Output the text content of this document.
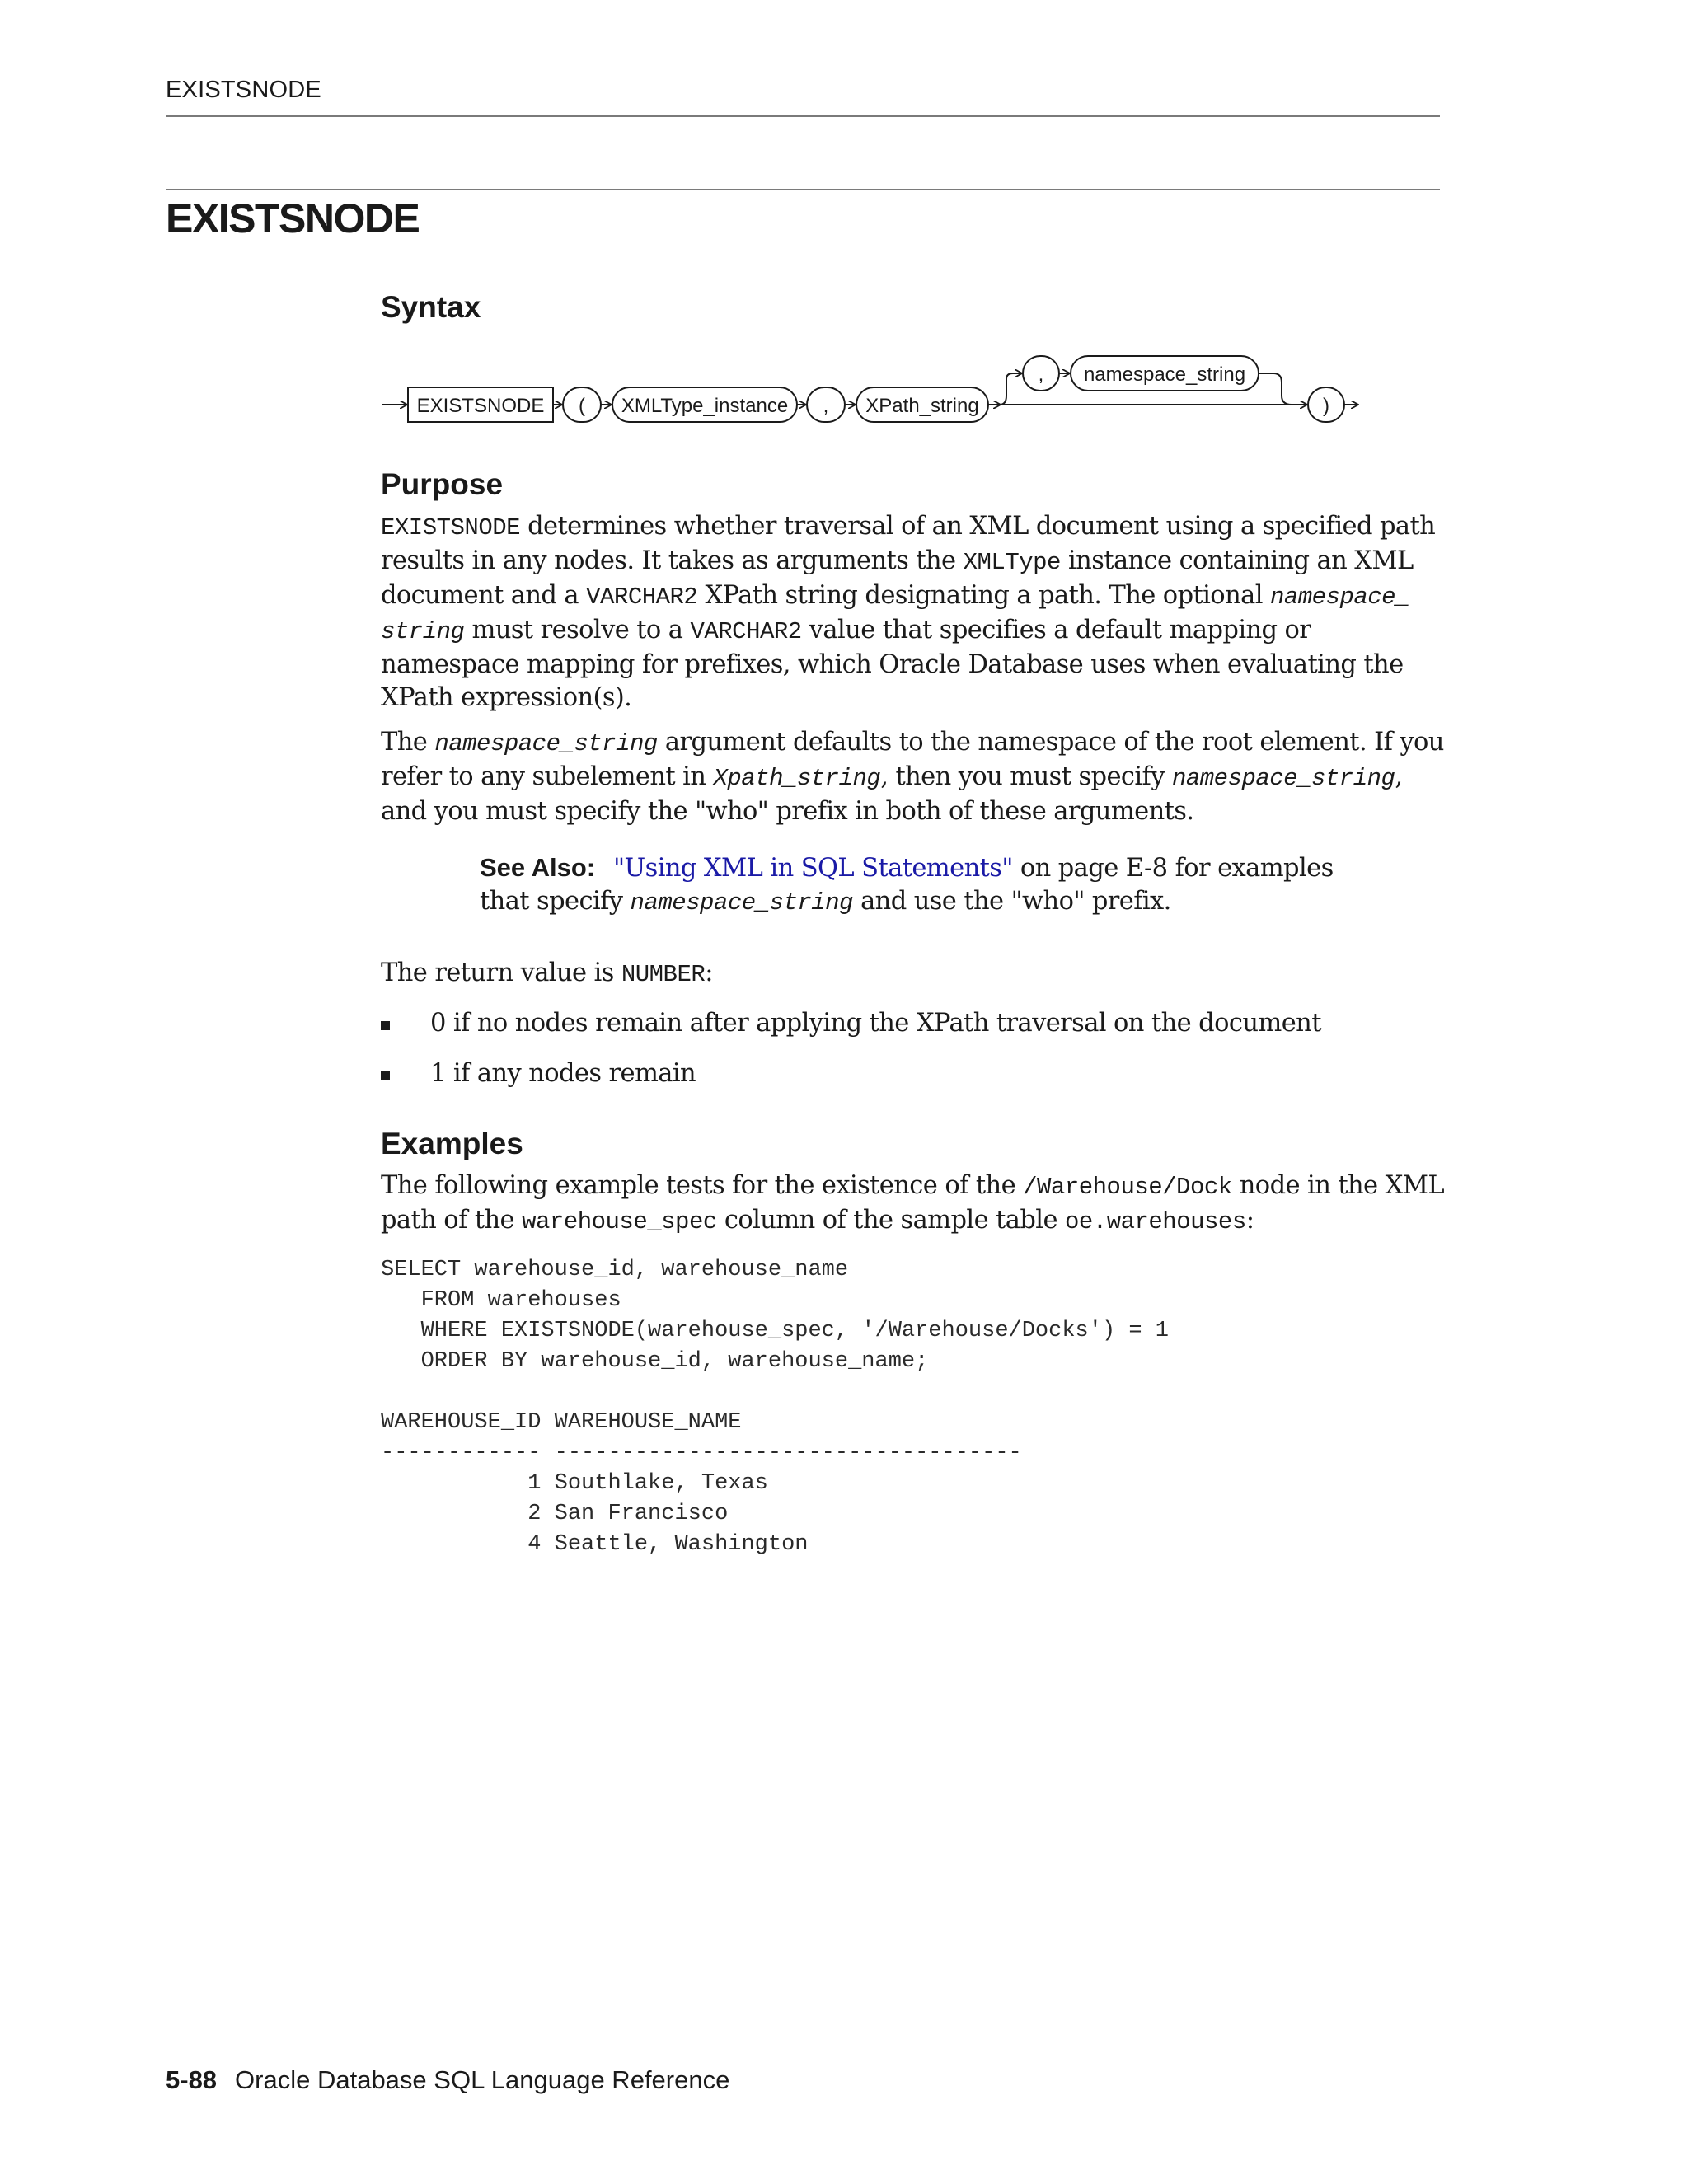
EXISTSNODE
EXISTSNODE
Syntax
EXISTSNODE ( XMLType_instance , XPath_string
, namespace_string
)
Purpose

EXISTSNODE determines whether traversal of an XML document using a specified path results in any nodes. It takes as arguments the XMLType instance containing an XML document and a VARCHAR2 XPath string designating a path. The optional namespace_ string must resolve to a VARCHAR2 value that specifies a default mapping or namespace mapping for prefixes, which Oracle Database uses when evaluating the XPath expression(s).

The namespace_string argument defaults to the namespace of the root element. If you refer to any subelement in Xpath_string, then you must specify namespace_string, and you must specify the "who" prefix in both of these arguments.

See Also: "Using XML in SQL Statements" on page E-8 for examples that specify namespace_string and use the "who" prefix.

The return value is NUMBER:

0 if no nodes remain after applying the XPath traversal on the document
1 if any nodes remain
Examples

The following example tests for the existence of the /Warehouse/Dock node in the XML path of the warehouse_spec column of the sample table oe.warehouses:

SELECT warehouse_id, warehouse_name
FROM warehouses
WHERE EXISTSNODE(warehouse_spec, '/Warehouse/Docks') = 1
ORDER BY warehouse_id, warehouse_name;

WAREHOUSE_ID WAREHOUSE_NAME
------------ -----------------------------------
1 Southlake, Texas
2 San Francisco
4 Seattle, Washington
5-88 Oracle Database SQL Language Reference
